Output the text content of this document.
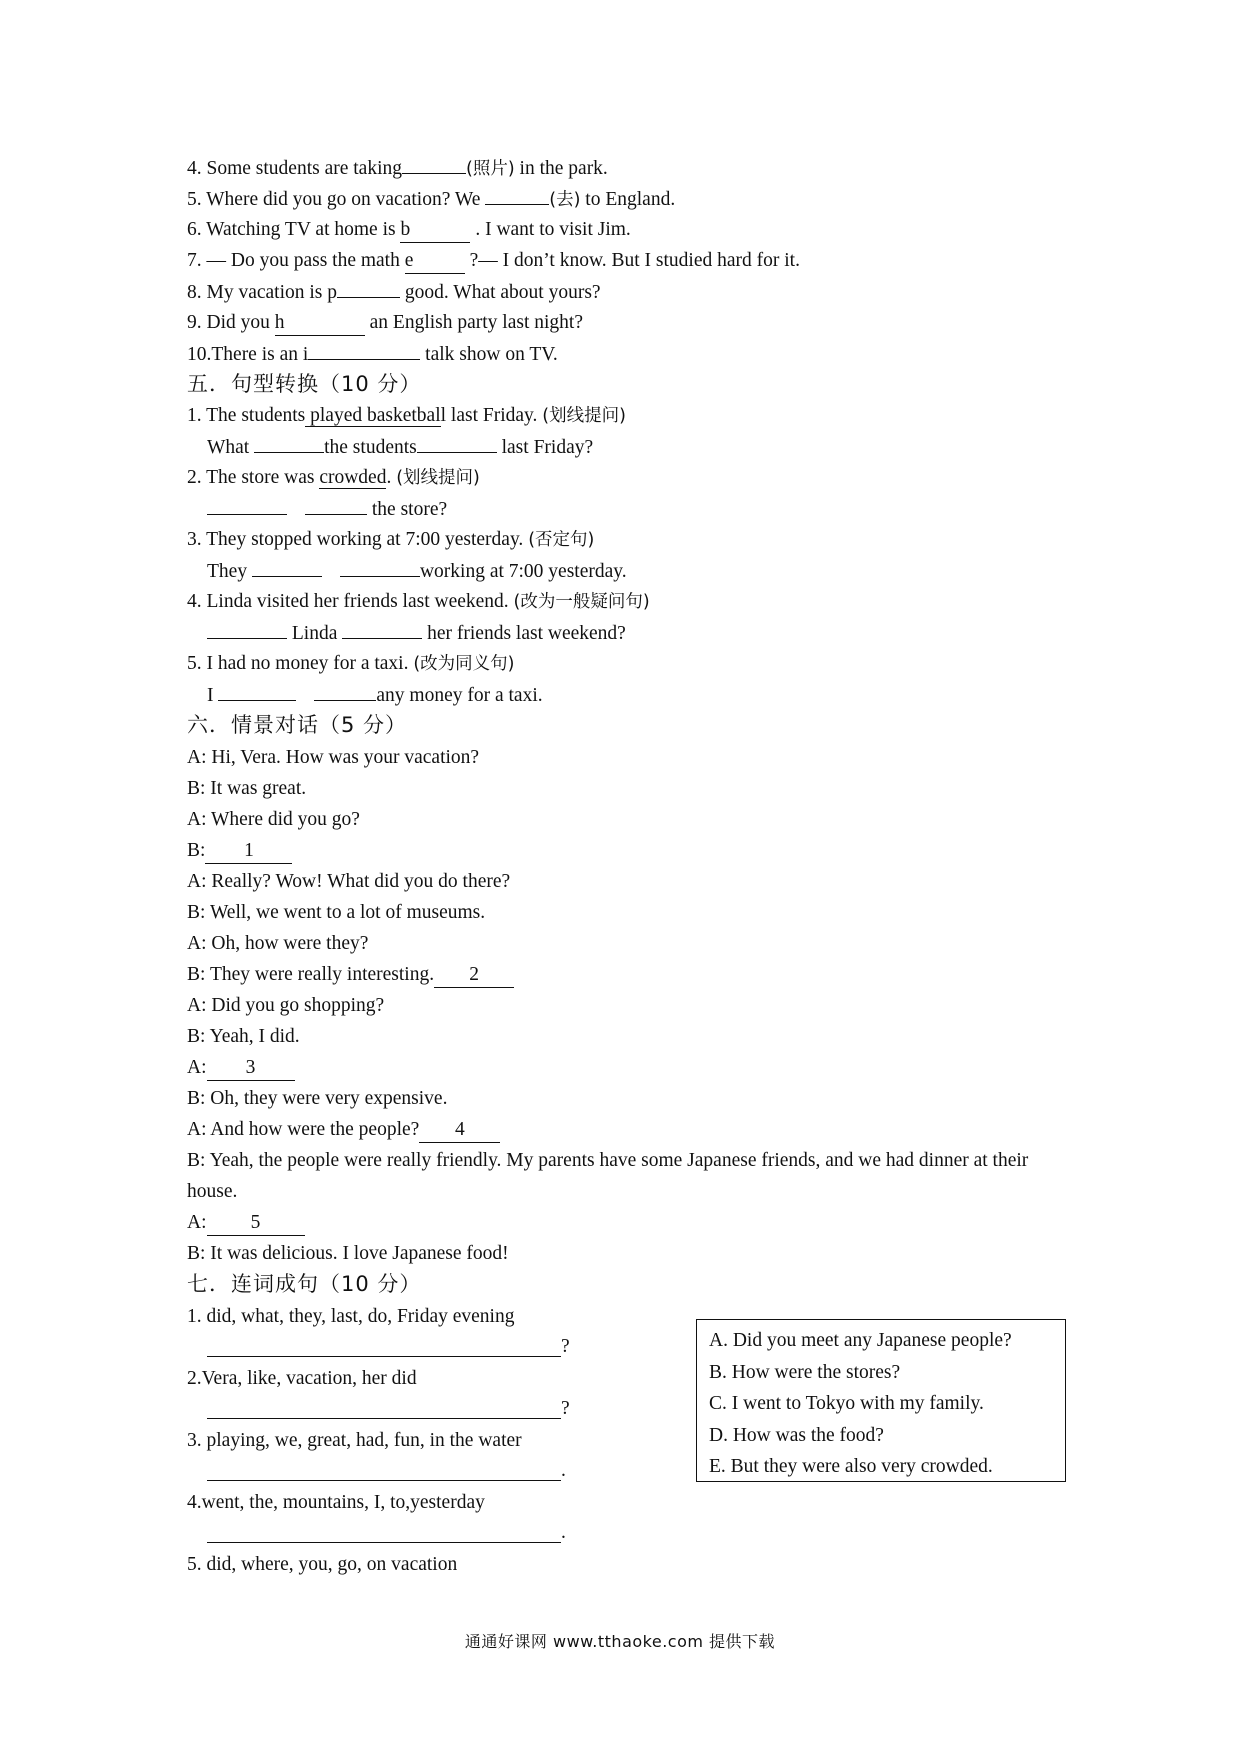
4. Some students are taking	(照片) in the park.
5. Where did you go on vacation? We	(去) to England.
6. Watching TV at home is b	. I want to visit Jim.
7. — Do you pass the math e	?— I don’t know. But I studied hard for it.
8. My vacation is p	good. What about yours?
9. Did you h	an English party last night?
10.There is an i	talk show on TV.
五．句型转换（10 分）
1. The students played basketball last Friday. (划线提问)
What	the students	last Friday?
2. The store was crowded. (划线提问)
the store?
3. They stopped working at 7:00 yesterday. (否定句)
They	working at 7:00 yesterday.
4. Linda visited her friends last weekend. (改为一般疑问句)
Linda	her friends last weekend?
5. I had no money for a taxi. (改为同义句)
I	any money for a taxi.
六．情景对话（5 分）
A: Hi, Vera. How was your vacation?
B: It was great.
A: Where did you go?
B: 1
A: Really? Wow! What did you do there?
B: Well, we went to a lot of museums.
A: Oh, how were they?
B: They were really interesting. 2
A: Did you go shopping?
B: Yeah, I did.
A: 3
B: Oh, they were very expensive.
A: And how were the people? 4
B: Yeah, the people were really friendly. My parents have some Japanese friends, and we had dinner at their
house.
A: 5
B: It was delicious. I love Japanese food!
七．连词成句（10 分）
1. did, what, they, last, do, Friday evening
?
2.Vera, like, vacation, her did
?
3. playing, we, great, had, fun, in the water
.
4.went, the, mountains, I, to,yesterday
.
5. did, where, you, go, on vacation
A. Did you meet any Japanese people?
B. How were the stores?
C. I went to Tokyo with my family.
D. How was the food?
E. But they were also very crowded.
通通好课网 www.tthaoke.com 提供下载
